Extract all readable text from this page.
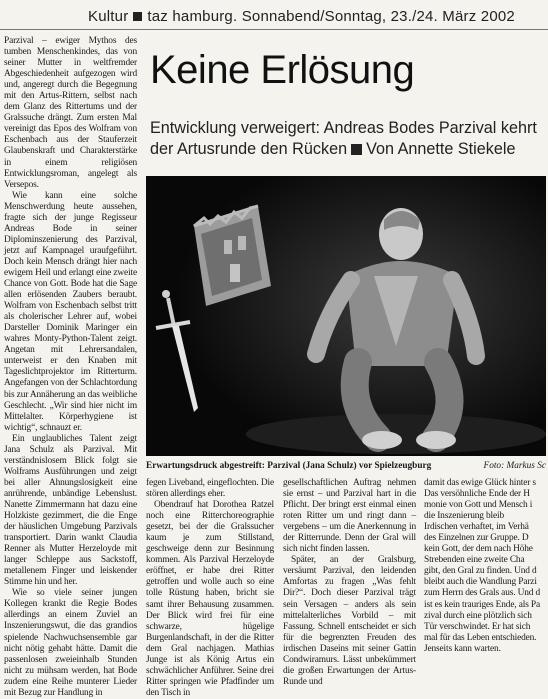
Kultur taz hamburg. Sonnabend/Sonntag, 23./24. März 2002

Parzival – ewiger Mythos des tumben Menschenkindes, das von seiner Mutter in weltfremder Abgeschiedenheit aufgezogen wird und, angeregt durch die Begegnung mit den Artus-Rittern, selbst nach dem Glanz des Rittertums und der Gralssuche drängt. Zum ersten Mal vereinigt das Epos des Wolfram von Eschenbach aus der Stauferzeit Glaubenskraft und Charakterstärke in einem religiösen Entwicklungsroman, angelegt als Versepos.

Wie kann eine solche Menschwerdung heute aussehen, fragte sich der junge Regisseur Andreas Bode in seiner Diplominszenierung des Parzival, jetzt auf Kampnagel uraufgeführt. Doch kein Mensch drängt hier nach ewigem Heil und erlangt eine zweite Chance von Gott. Bode hat die Sage allen erlösenden Zaubers beraubt. Wolfram von Eschenbach selbst tritt als cholerischer Lehrer auf, wobei Darsteller Dominik Maringer ein wahres Monty-Python-Talent zeigt. Angetan mit Lehrersandalen, unterweist er den Knaben mit Tageslichtprojektor im Ritterturm. Angefangen von der Schlachtordung bis zur Annäherung an das weibliche Geschlecht. „Wir sind hier nicht im Mittelalter. Körperhygiene ist wichtig“, schnauzt er.

Ein unglaubliches Talent zeigt Jana Schulz als Parzival. Mit verständnislosem Blick folgt sie Wolframs Ausführungen und zeigt bei aller Ahnungslosigkeit eine anrührende, unbändige Lebenslust. Nanette Zimmermann hat dazu eine Holzkiste gezimmert, die die Enge der häuslichen Umgebung Parzivals transportiert. Darin wankt Claudia Renner als Mutter Herzeloyde mit langer Schleppe aus Sackstoff, metallenem Finger und leiskender Stimme hin und her.

Wie so viele seiner jungen Kollegen krankt die Regie Bodes allerdings an einem Zuviel an Inszenierungswut, die das grandios spielende Nachwuchsensemble gar nicht nötig gehabt hätte. Damit die passenlosen zweieinhalb Stunden nicht zu mühsam werden, hat Bode zudem eine Reihe munterer Lieder mit Bezug zur Handlung in

Keine Erlösung
Entwicklung verweigert: Andreas Bodes Parzival kehrt
der Artusrunde den Rücken Von Annette Stiekele
Erwartungsdruck abgestreift: Parzival (Jana Schulz) vor Spielzeugburg	Foto: Markus Sc

fegen Liveband, eingeflochten. Die stören allerdings eher.

Obendrauf hat Dorothea Ratzel noch eine Ritterchoreographie gesetzt, bei der die Gralssucher kaum je zum Stillstand, geschweige denn zur Besinnung kommen. Als Parzival Herzeloyde eröffnet, er habe drei Ritter getroffen und wolle auch so eine tolle Rüstung haben, bricht sie samt ihrer Behausung zusammen. Der Blick wird frei für eine schwarze, hügelige Burgenlandschaft, in der die Ritter dem Gral nachjagen. Mathias Junge ist als König Artus ein schwächlicher Anführer. Seine drei Ritter springen wie Pfadfinder um den Tisch in

gesellschaftlichen Auftrag nehmen sie ernst – und Parzival hart in die Pflicht. Der bringt erst einmal einen roten Ritter um und ringt dann – vergebens – um die Anerkennung in der Ritterrunde. Denn der Gral will sich nicht finden lassen.

Später, an der Gralsburg, versäumt Parzival, den leidenden Amfortas zu fragen „Was fehlt Dir?“. Doch dieser Parzival trägt sein Versagen – anders als sein mittelalterliches Vorbild – mit Fassung. Schnell entscheidet er sich für die begrenzten Freuden des irdischen Daseins mit seiner Gattin Condwiramurs. Lässt unbekümmert die großen Erwartungen der Artus-Runde und

damit das ewige Glück hinter s
Das versöhnliche Ende der H
monie von Gott und Mensch i
die Inszenierung bleib
Irdischen verhaftet, im Verhä
des Einzelnen zur Gruppe. D
kein Gott, der dem nach Höhe
Strebenden eine zweite Cha
gibt, den Gral zu finden. Und d
bleibt auch die Wandlung Parzi
zum Herrn des Grals aus. Und d
ist es kein trauriges Ende, als Pa
zival durch eine plötzlich sich
Tür verschwindet. Er hat sich
mal für das Leben entschieden.
Jenseits kann warten.
